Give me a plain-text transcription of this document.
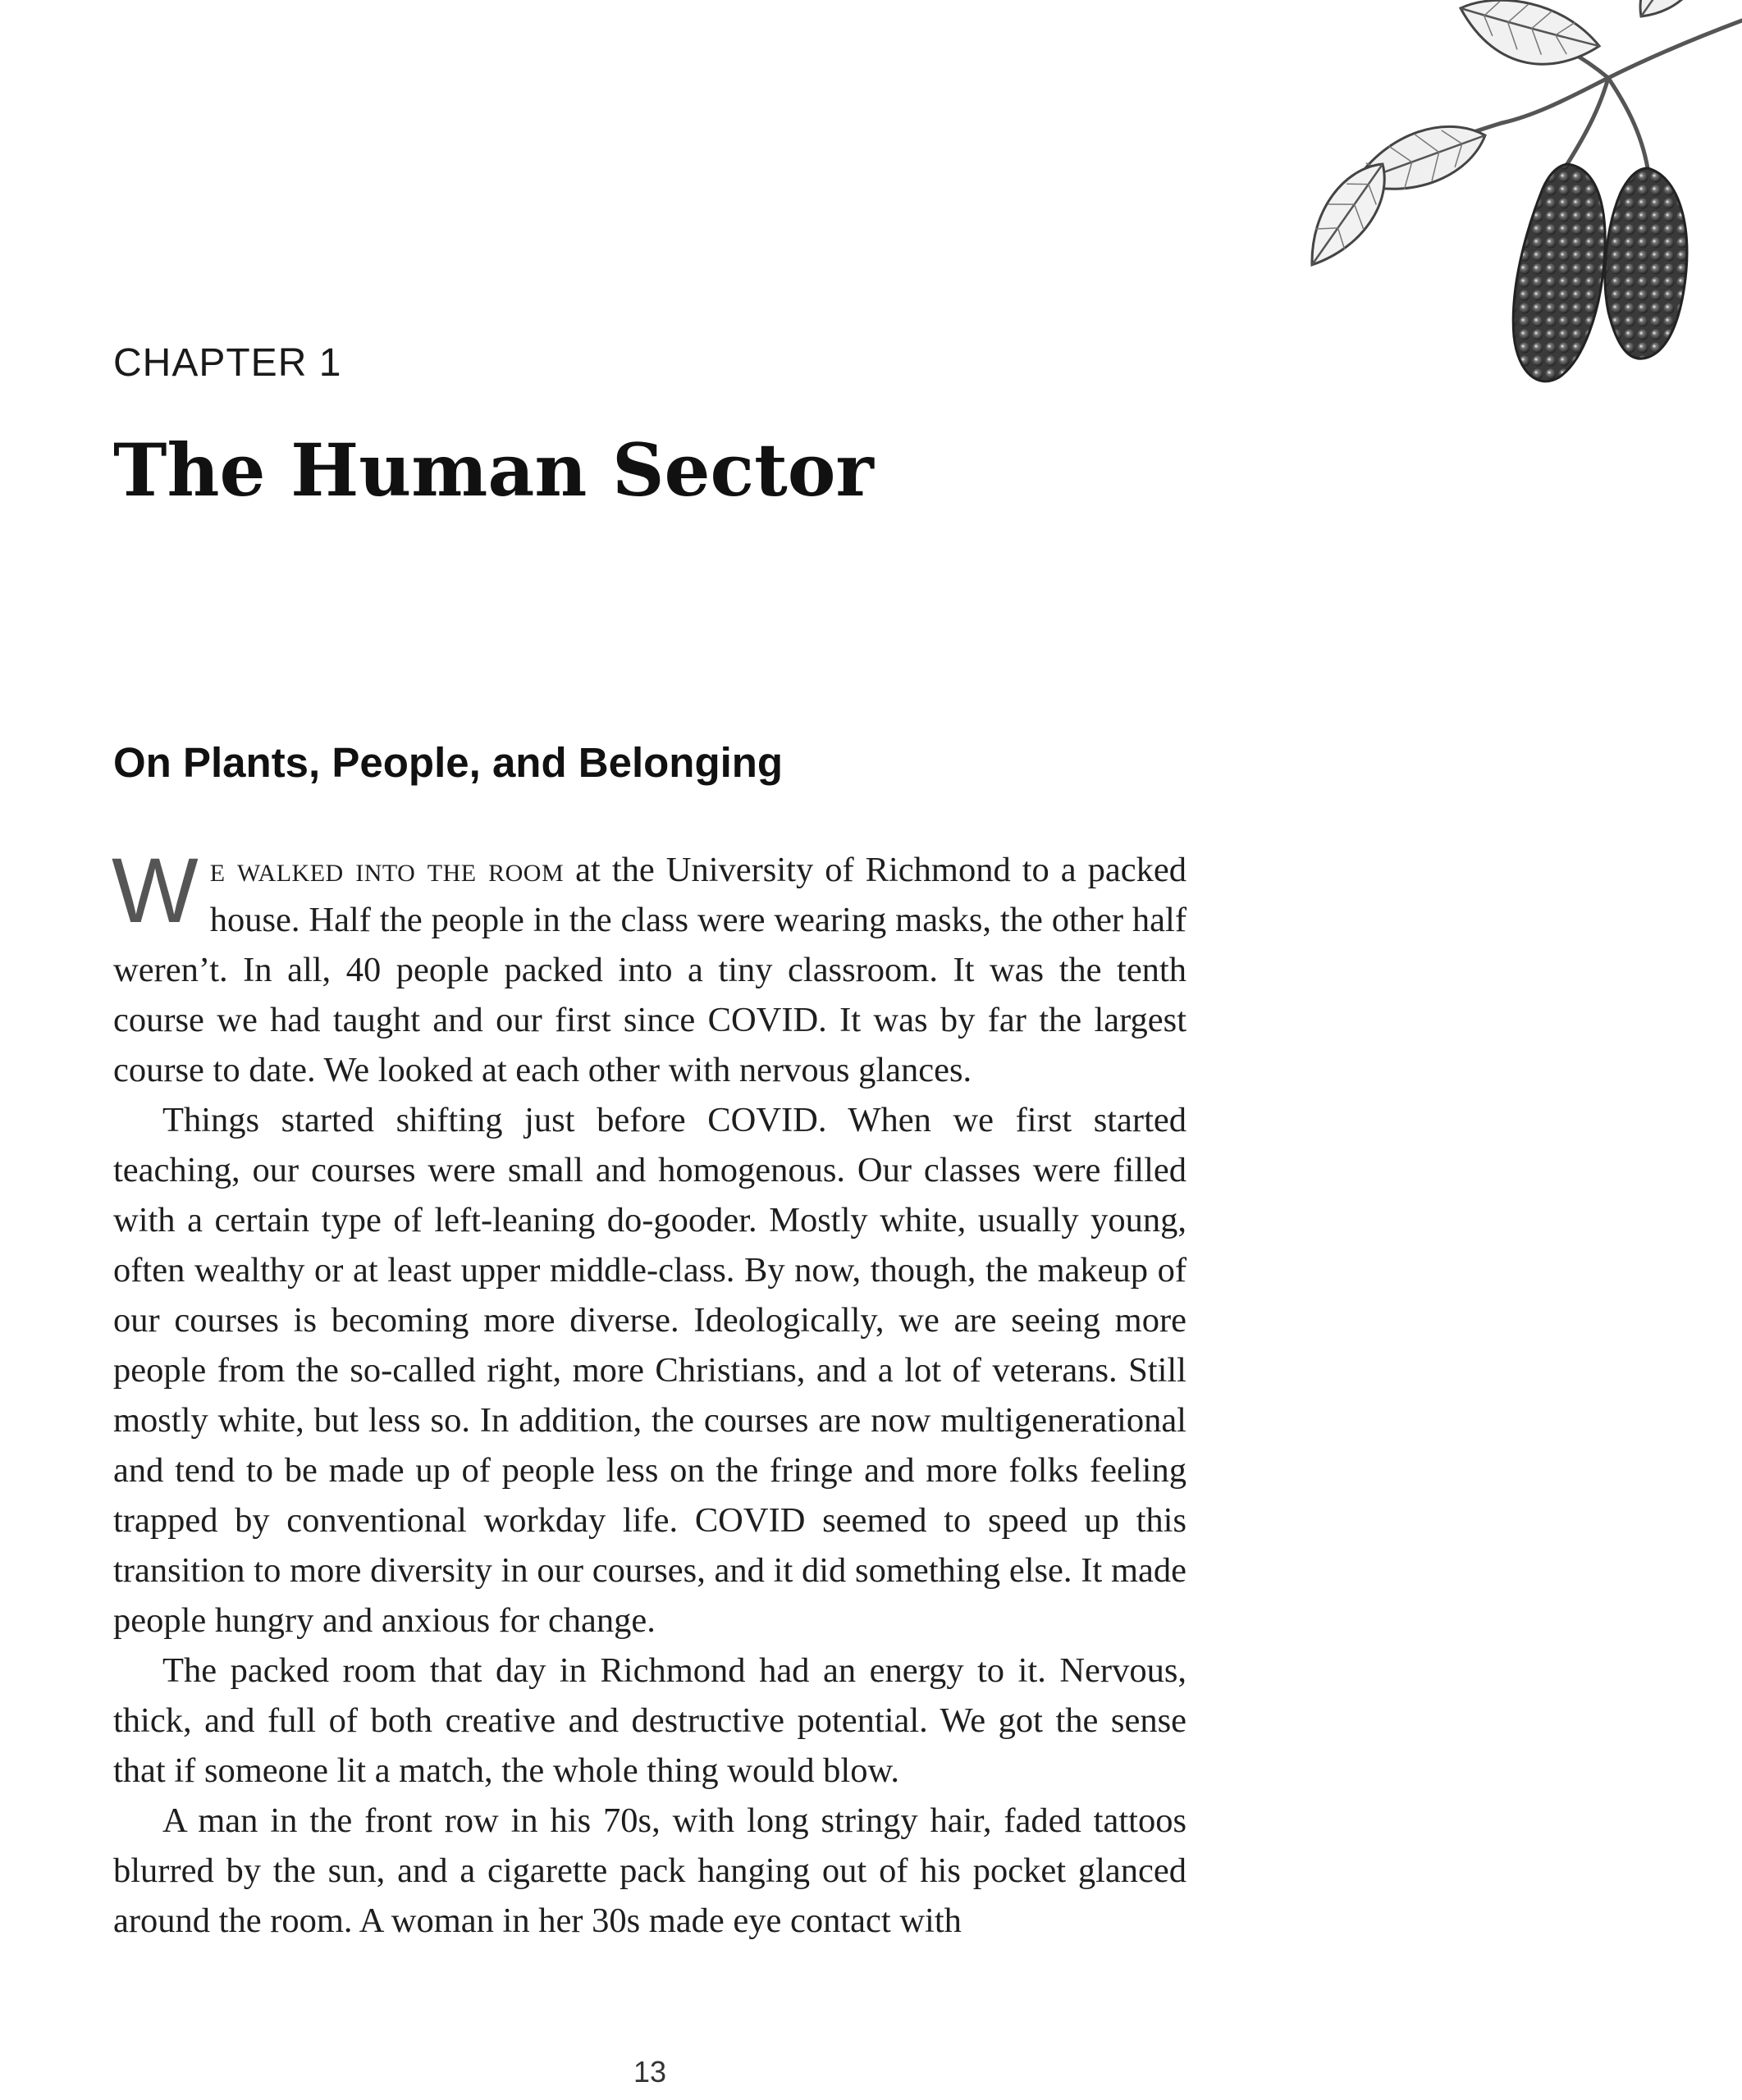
CHAPTER 1
The Human Sector
On Plants, People, and Belonging

We walked into the room at the University of Richmond to a packed house. Half the people in the class were wearing masks, the other half weren’t. In all, 40 people packed into a tiny classroom. It was the tenth course we had taught and our first since COVID. It was by far the largest course to date. We looked at each other with nervous glances.

Things started shifting just before COVID. When we first started teaching, our courses were small and homogenous. Our classes were filled with a certain type of left-leaning do-gooder. Mostly white, usually young, often wealthy or at least upper middle-class. By now, though, the makeup of our courses is becoming more diverse. Ideologically, we are seeing more people from the so-called right, more Christians, and a lot of veterans. Still mostly white, but less so. In addition, the courses are now multigenerational and tend to be made up of people less on the fringe and more folks feeling trapped by conventional workday life. COVID seemed to speed up this transition to more diversity in our courses, and it did something else. It made people hungry and anxious for change.

The packed room that day in Richmond had an energy to it. Nervous, thick, and full of both creative and destructive potential. We got the sense that if someone lit a match, the whole thing would blow.

A man in the front row in his 70s, with long stringy hair, faded tattoos blurred by the sun, and a cigarette pack hanging out of his pocket glanced around the room. A woman in her 30s made eye contact with

13
